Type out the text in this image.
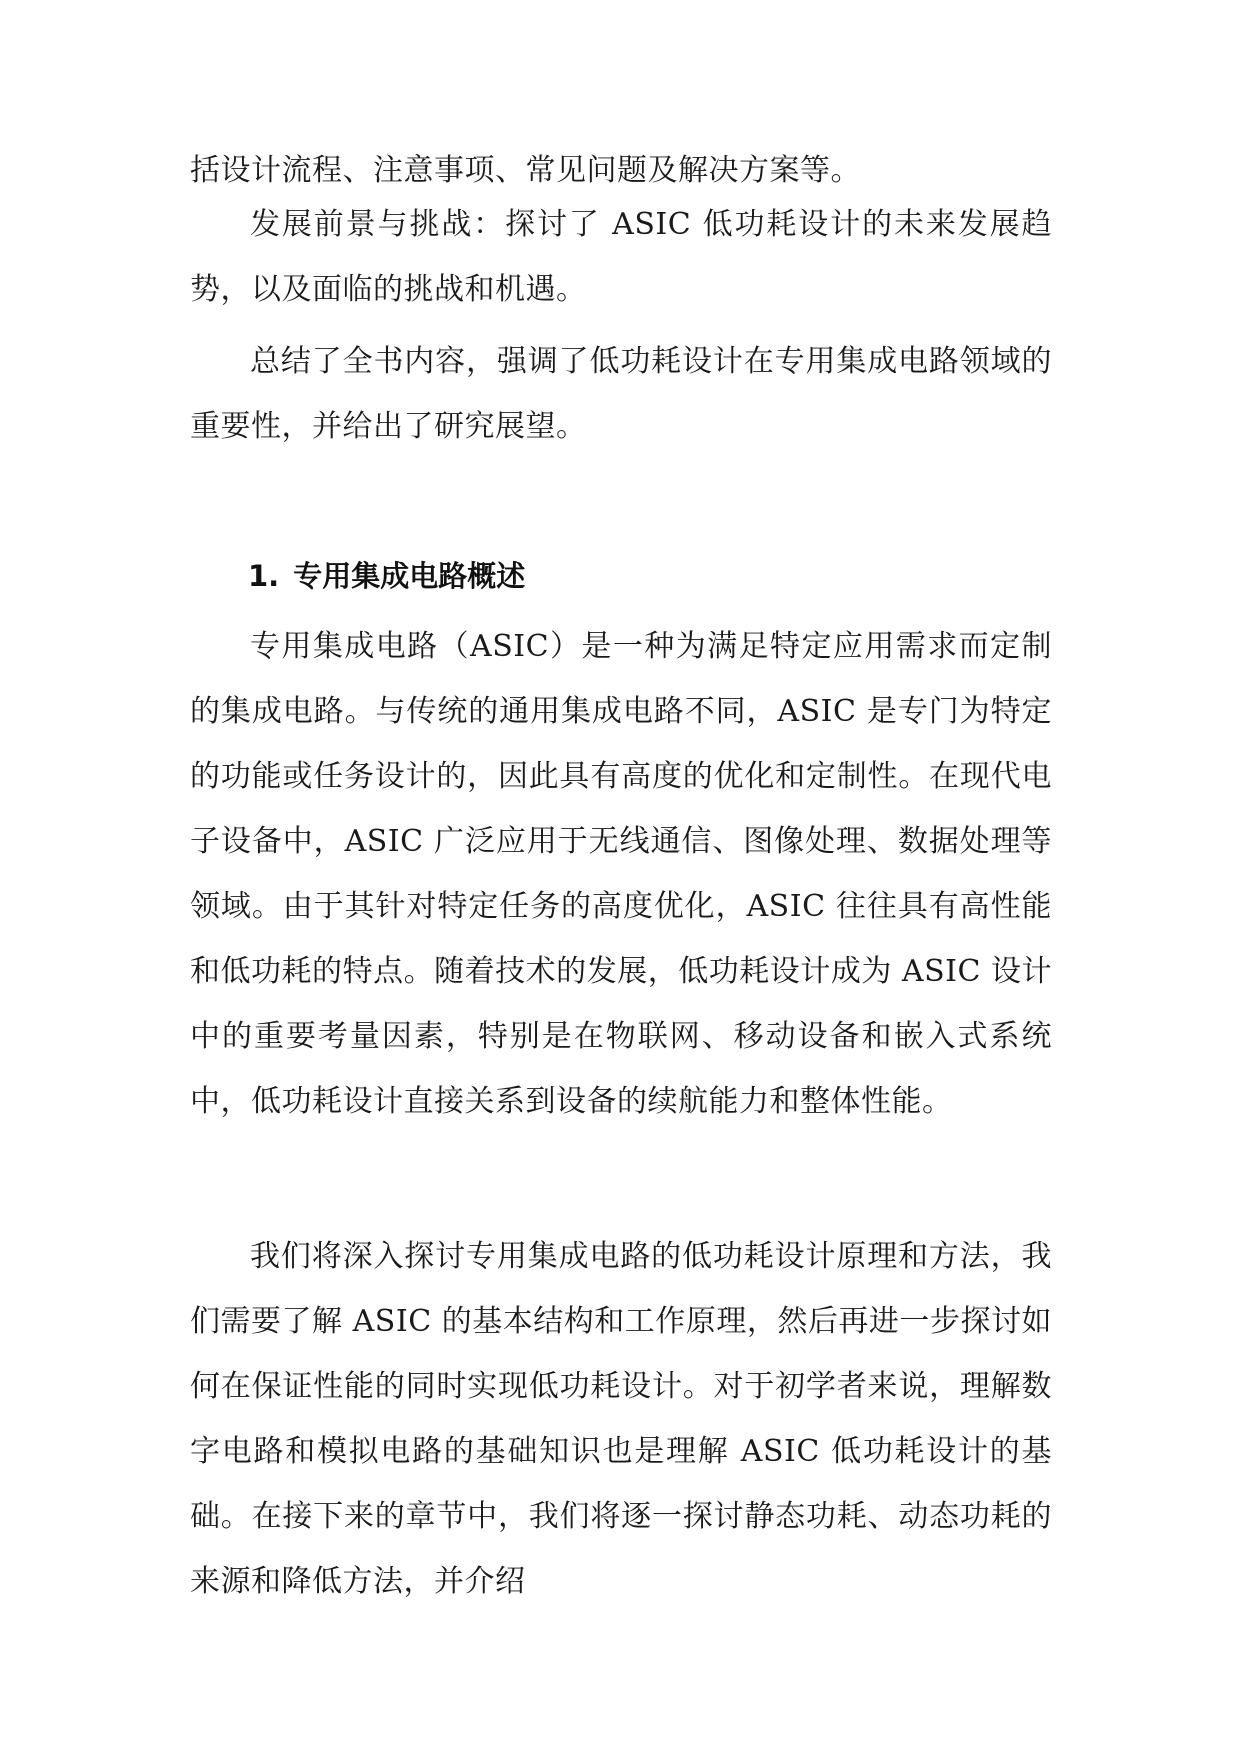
括设计流程、注意事项、常见问题及解决方案等。

发展前景与挑战：探讨了 ASIC 低功耗设计的未来发展趋势，以及面临的挑战和机遇。

总结了全书内容，强调了低功耗设计在专用集成电路领域的重要性，并给出了研究展望。

1. 专用集成电路概述

专用集成电路（ASIC）是一种为满足特定应用需求而定制的集成电路。与传统的通用集成电路不同，ASIC 是专门为特定的功能或任务设计的，因此具有高度的优化和定制性。在现代电子设备中，ASIC 广泛应用于无线通信、图像处理、数据处理等领域。由于其针对特定任务的高度优化，ASIC 往往具有高性能和低功耗的特点。随着技术的发展，低功耗设计成为 ASIC 设计中的重要考量因素，特别是在物联网、移动设备和嵌入式系统中，低功耗设计直接关系到设备的续航能力和整体性能。

我们将深入探讨专用集成电路的低功耗设计原理和方法，我们需要了解 ASIC 的基本结构和工作原理，然后再进一步探讨如何在保证性能的同时实现低功耗设计。对于初学者来说，理解数字电路和模拟电路的基础知识也是理解 ASIC 低功耗设计的基础。在接下来的章节中，我们将逐一探讨静态功耗、动态功耗的来源和降低方法，并介绍
